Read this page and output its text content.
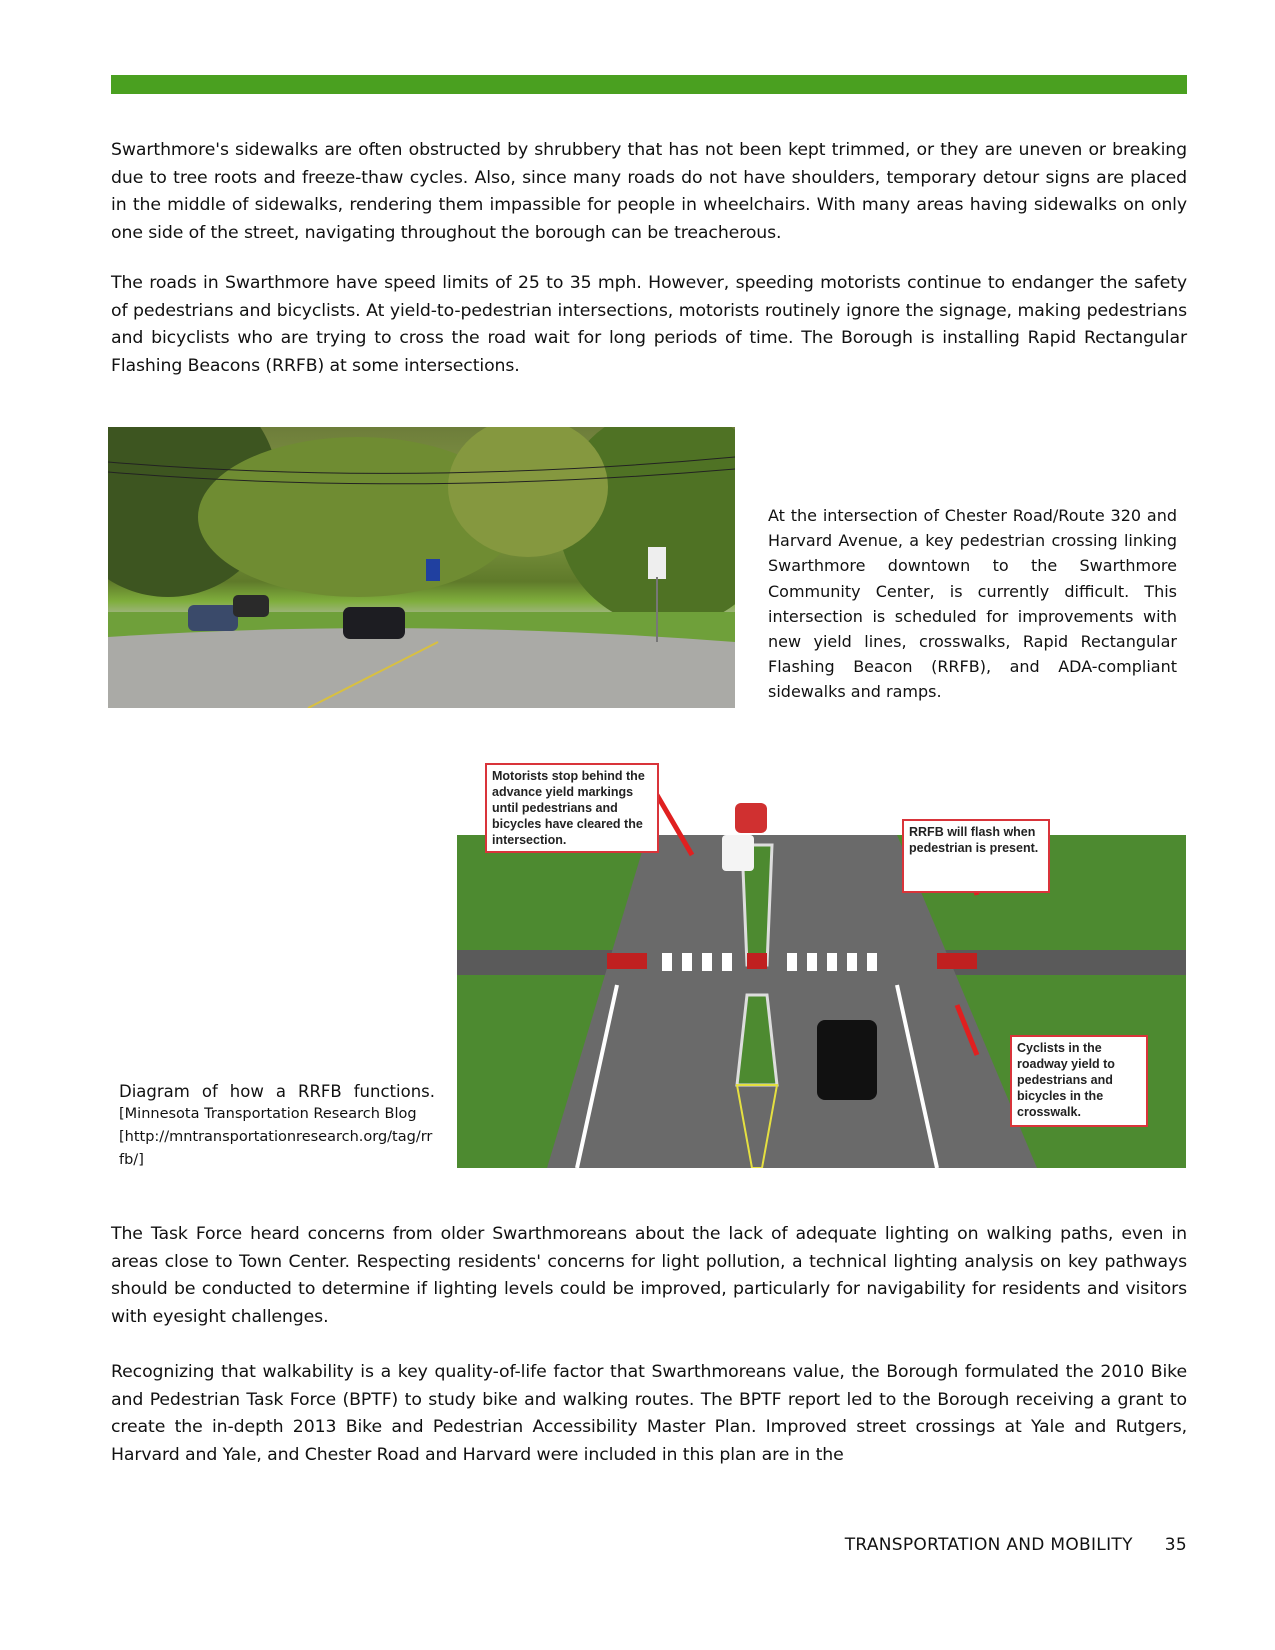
Swarthmore's sidewalks are often obstructed by shrubbery that has not been kept trimmed, or they are uneven or breaking due to tree roots and freeze-thaw cycles. Also, since many roads do not have shoulders, temporary detour signs are placed in the middle of sidewalks, rendering them impassible for people in wheelchairs. With many areas having sidewalks on only one side of the street, navigating throughout the borough can be treacherous.

The roads in Swarthmore have speed limits of 25 to 35 mph. However, speeding motorists continue to endanger the safety of pedestrians and bicyclists. At yield-to-pedestrian intersections, motorists routinely ignore the signage, making pedestrians and bicyclists who are trying to cross the road wait for long periods of time. The Borough is installing Rapid Rectangular Flashing Beacons (RRFB) at some intersections.

At the intersection of Chester Road/Route 320 and Harvard Avenue, a key pedestrian crossing linking Swarthmore downtown to the Swarthmore Community Center, is currently difficult. This intersection is scheduled for improvements with new yield lines, crosswalks, Rapid Rectangular Flashing Beacon (RRFB), and ADA-compliant sidewalks and ramps.

Motorists stop behind the advance yield markings until pedestrians and bicycles have cleared the intersection.
RRFB will flash when pedestrian is present.
Cyclists in the roadway yield to pedestrians and bicycles in the crosswalk.
Diagram of how a RRFB functions.
[Minnesota Transportation Research Blog [http://mntransportationresearch.org/tag/rrfb/]

The Task Force heard concerns from older Swarthmoreans about the lack of adequate lighting on walking paths, even in areas close to Town Center. Respecting residents' concerns for light pollution, a technical lighting analysis on key pathways should be conducted to determine if lighting levels could be improved, particularly for navigability for residents and visitors with eyesight challenges.

Recognizing that walkability is a key quality-of-life factor that Swarthmoreans value, the Borough formulated the 2010 Bike and Pedestrian Task Force (BPTF) to study bike and walking routes. The BPTF report led to the Borough receiving a grant to create the in-depth 2013 Bike and Pedestrian Accessibility Master Plan. Improved street crossings at Yale and Rutgers, Harvard and Yale, and Chester Road and Harvard were included in this plan are in the

TRANSPORTATION AND MOBILITY 35
